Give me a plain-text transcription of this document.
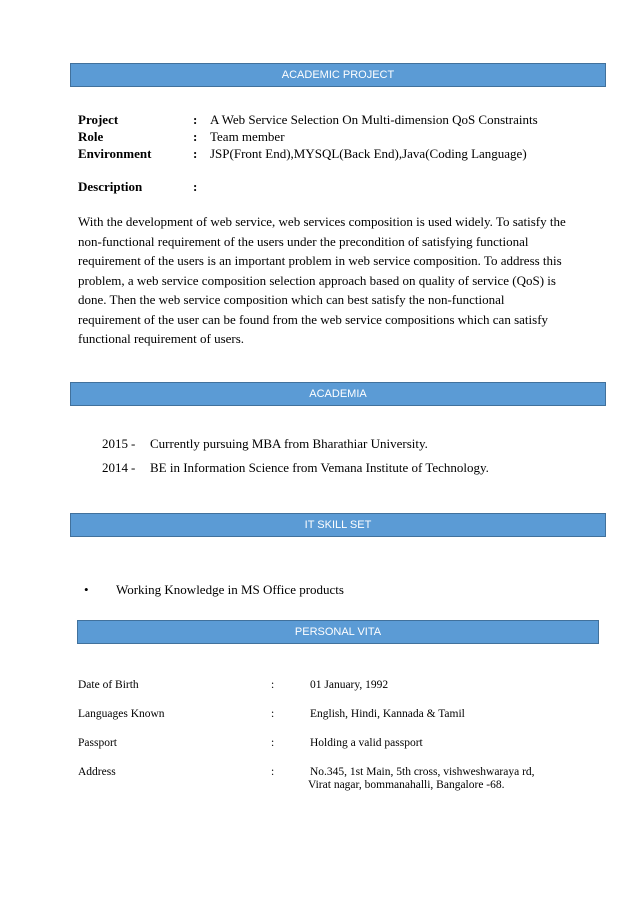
ACADEMIC PROJECT
Project	: A Web Service Selection On Multi-dimension QoS Constraints
Role	: Team member
Environment	: JSP(Front End),MYSQL(Back End),Java(Coding Language)
Description	:
With the development of web service, web services composition is used widely. To satisfy the non-functional requirement of the users under the precondition of satisfying functional requirement of the users is an important problem in web service composition. To address this problem, a web service composition selection approach based on quality of service (QoS) is done. Then the web service composition which can best satisfy the non-functional requirement of the user can be found from the web service compositions which can satisfy functional requirement of users.
ACADEMIA
2015 - Currently pursuing MBA from Bharathiar University.
2014 - BE in Information Science from Vemana Institute of Technology.
IT SKILL SET
• Working Knowledge in MS Office products
PERSONAL VITA
Date of Birth	:	01 January, 1992
Languages Known	:	English, Hindi, Kannada & Tamil
Passport	:	Holding a valid passport
Address	:	No.345, 1st Main, 5th cross, vishweshwaraya rd,
Virat nagar, bommanahalli, Bangalore -68.
